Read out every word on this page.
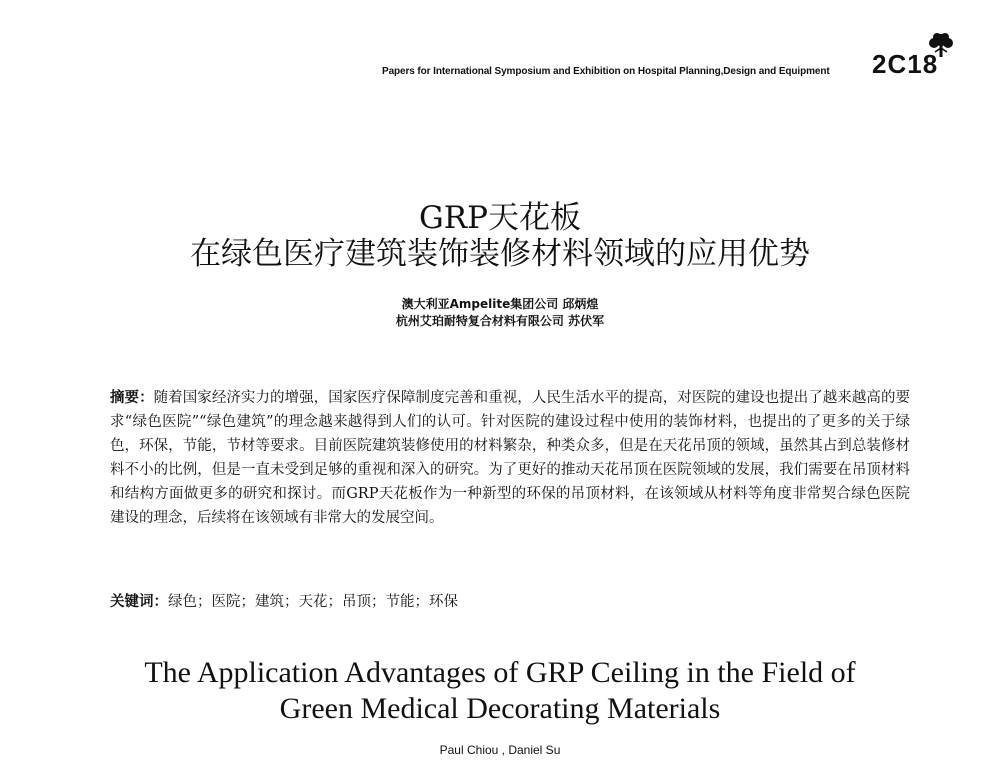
Papers for International Symposium and Exhibition on Hospital Planning,Design and Equipment 2C18
GRP天花板
在绿色医疗建筑装饰装修材料领域的应用优势
澳大利亚Ampelite集团公司 邱炳煌
杭州艾珀耐特复合材料有限公司 苏伏军
摘要：随着国家经济实力的增强，国家医疗保障制度完善和重视，人民生活水平的提高，对医院的建设也提出了越来越高的要求“绿色医院”“绿色建筑”的理念越来越得到人们的认可。针对医院的建设过程中使用的装饰材料，也提出的了更多的关于绿色，环保，节能，节材等要求。目前医院建筑装修使用的材料繁杂，种类众多，但是在天花吊顶的领域，虽然其占到总装修材料不小的比例，但是一直未受到足够的重视和深入的研究。为了更好的推动天花吊顶在医院领域的发展，我们需要在吊顶材料和结构方面做更多的研究和探讨。而GRP天花板作为一种新型的环保的吊顶材料，在该领域从材料等角度非常契合绿色医院建设的理念，后续将在该领域有非常大的发展空间。
关键词：绿色；医院；建筑；天花；吊顶；节能；环保
The Application Advantages of GRP Ceiling in the Field of
Green Medical Decorating Materials
Paul Chiou , Daniel Su
